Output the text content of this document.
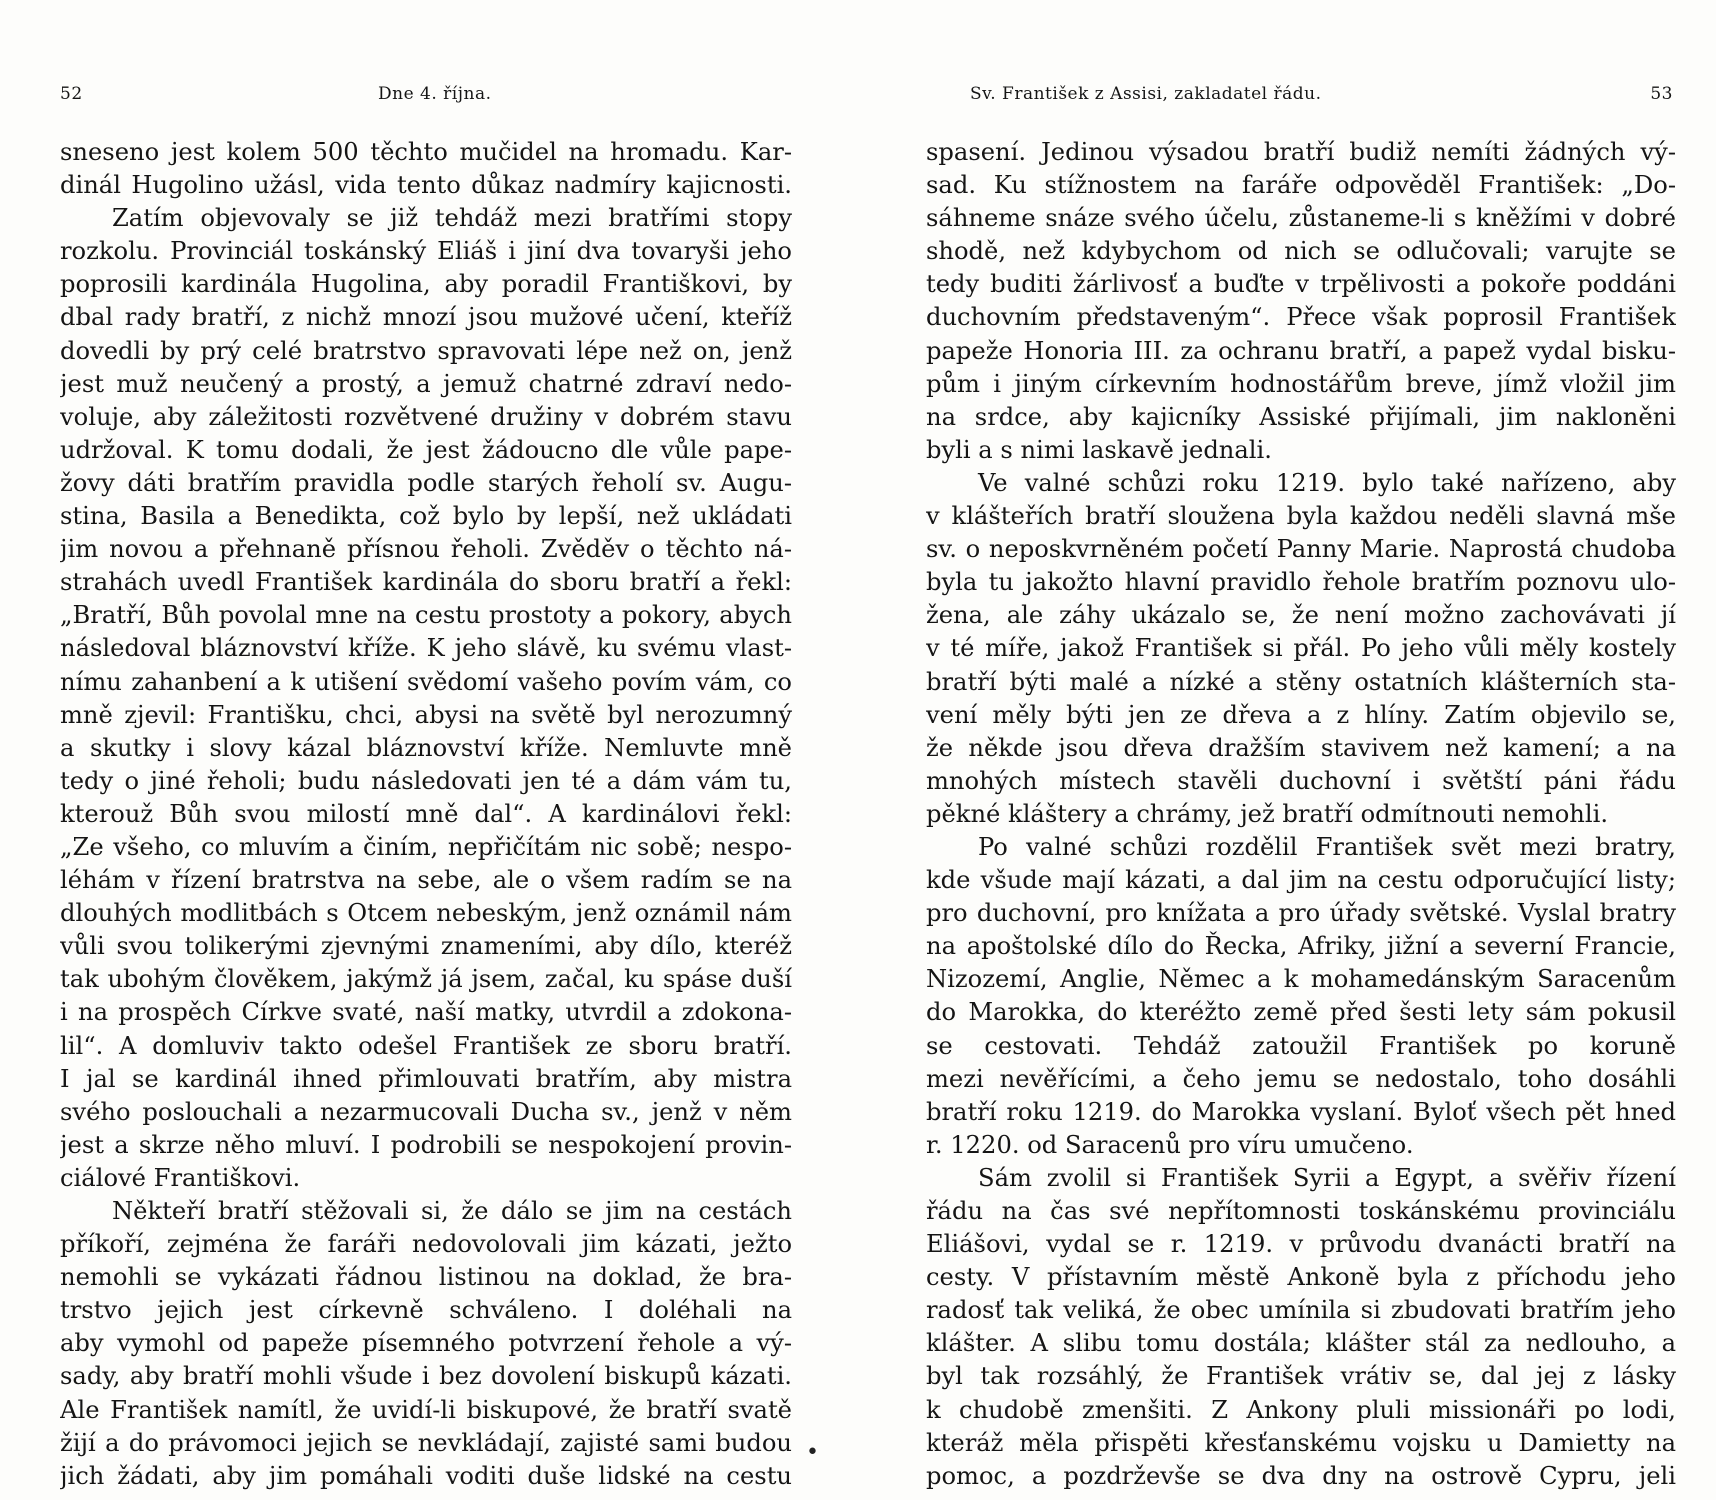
52	Dne 4. října.
sneseno jest kolem 500 těchto mučidel na hromadu. Kar-
dinál Hugolino užásl, vida tento důkaz nadmíry kajicnosti.
Zatím objevovaly se již tehdáž mezi bratřími stopy
rozkolu. Provinciál toskánský Eliáš i jiní dva tovaryši jeho
poprosili kardinála Hugolina, aby poradil Františkovi, by
dbal rady bratří, z nichž mnozí jsou mužové učení, kteříž
dovedli by prý celé bratrstvo spravovati lépe než on, jenž
jest muž neučený a prostý, a jemuž chatrné zdraví nedo-
voluje, aby záležitosti rozvětvené družiny v dobrém stavu
udržoval. K tomu dodali, že jest žádoucno dle vůle pape-
žovy dáti bratřím pravidla podle starých řeholí sv. Augu-
stina, Basila a Benedikta, což bylo by lepší, než ukládati
jim novou a přehnaně přísnou řeholi. Zvěděv o těchto ná-
strahách uvedl František kardinála do sboru bratří a řekl:
„Bratří, Bůh povolal mne na cestu prostoty a pokory, abych
následoval bláznovství kříže. K jeho slávě, ku svému vlast-
nímu zahanbení a k utišení svědomí vašeho povím vám, co
mně zjevil: Františku, chci, abysi na světě byl nerozumný
a skutky i slovy kázal bláznovství kříže. Nemluvte mně
tedy o jiné řeholi; budu následovati jen té a dám vám tu,
kterouž Bůh svou milostí mně dal“. A kardinálovi řekl:
„Ze všeho, co mluvím a činím, nepřičítám nic sobě; nespo-
léhám v řízení bratrstva na sebe, ale o všem radím se na
dlouhých modlitbách s Otcem nebeským, jenž oznámil nám
vůli svou tolikerými zjevnými znameními, aby dílo, kteréž
tak ubohým člověkem, jakýmž já jsem, začal, ku spáse duší
i na prospěch Církve svaté, naší matky, utvrdil a zdokona-
lil“. A domluviv takto odešel František ze sboru bratří.
I jal se kardinál ihned přimlouvati bratřím, aby mistra
svého poslouchali a nezarmucovali Ducha sv., jenž v něm
jest a skrze něho mluví. I podrobili se nespokojení provin-
ciálové Františkovi.
Někteří bratří stěžovali si, že dálo se jim na cestách
příkoří, zejména že faráři nedovolovali jim kázati, ježto
nemohli se vykázati řádnou listinou na doklad, že bra-
trstvo jejich jest církevně schváleno. I doléhali na
aby vymohl od papeže písemného potvrzení řehole a vý-
sady, aby bratří mohli všude i bez dovolení biskupů kázati.
Ale František namítl, že uvidí-li biskupové, že bratří svatě
žijí a do právomoci jejich se nevkládají, zajisté sami budou
jich žádati, aby jim pomáhali voditi duše lidské na cestu
Sv. František z Assisi, zakladatel řádu.	53
spasení. Jedinou výsadou bratří budiž nemíti žádných vý-
sad. Ku stížnostem na faráře odpověděl František: „Do-
sáhneme snáze svého účelu, zůstaneme-li s kněžími v dobré
shodě, než kdybychom od nich se odlučovali; varujte se
tedy buditi žárlivosť a buďte v trpělivosti a pokoře poddáni
duchovním představeným“. Přece však poprosil František
papeže Honoria III. za ochranu bratří, a papež vydal bisku-
pům i jiným církevním hodnostářům breve, jímž vložil jim
na srdce, aby kajicníky Assiské přijímali, jim nakloněni
byli a s nimi laskavě jednali.
Ve valné schůzi roku 1219. bylo také nařízeno, aby
v klášteřích bratří sloužena byla každou neděli slavná mše
sv. o neposkvrněném početí Panny Marie. Naprostá chudoba
byla tu jakožto hlavní pravidlo řehole bratřím poznovu ulo-
žena, ale záhy ukázalo se, že není možno zachovávati jí
v té míře, jakož František si přál. Po jeho vůli měly kostely
bratří býti malé a nízké a stěny ostatních klášterních sta-
vení měly býti jen ze dřeva a z hlíny. Zatím objevilo se,
že někde jsou dřeva dražším stavivem než kamení; a na
mnohých místech stavěli duchovní i světští páni řádu
pěkné kláštery a chrámy, jež bratří odmítnouti nemohli.
Po valné schůzi rozdělil František svět mezi bratry,
kde všude mají kázati, a dal jim na cestu odporučující listy;
pro duchovní, pro knížata a pro úřady světské. Vyslal bratry
na apoštolské dílo do Řecka, Afriky, jižní a severní Francie,
Nizozemí, Anglie, Němec a k mohamedánským Saracenům
do Marokka, do kteréžto země před šesti lety sám pokusil
se cestovati. Tehdáž zatoužil František po koruně
mezi nevěřícími, a čeho jemu se nedostalo, toho dosáhli
bratří roku 1219. do Marokka vyslaní. Byloť všech pět hned
r. 1220. od Saracenů pro víru umučeno.
Sám zvolil si František Syrii a Egypt, a svěřiv řízení
řádu na čas své nepřítomnosti toskánskému provinciálu
Eliášovi, vydal se r. 1219. v průvodu dvanácti bratří na
cesty. V přístavním městě Ankoně byla z příchodu jeho
radosť tak veliká, že obec umínila si zbudovati bratřím jeho
klášter. A slibu tomu dostála; klášter stál za nedlouho, a
byl tak rozsáhlý, že František vrátiv se, dal jej z lásky
k chudobě zmenšiti. Z Ankony pluli missionáři po lodi,
kteráž měla přispěti křesťanskému vojsku u Damietty na
pomoc, a pozdrževše se dva dny na ostrově Cypru, jeli
•
